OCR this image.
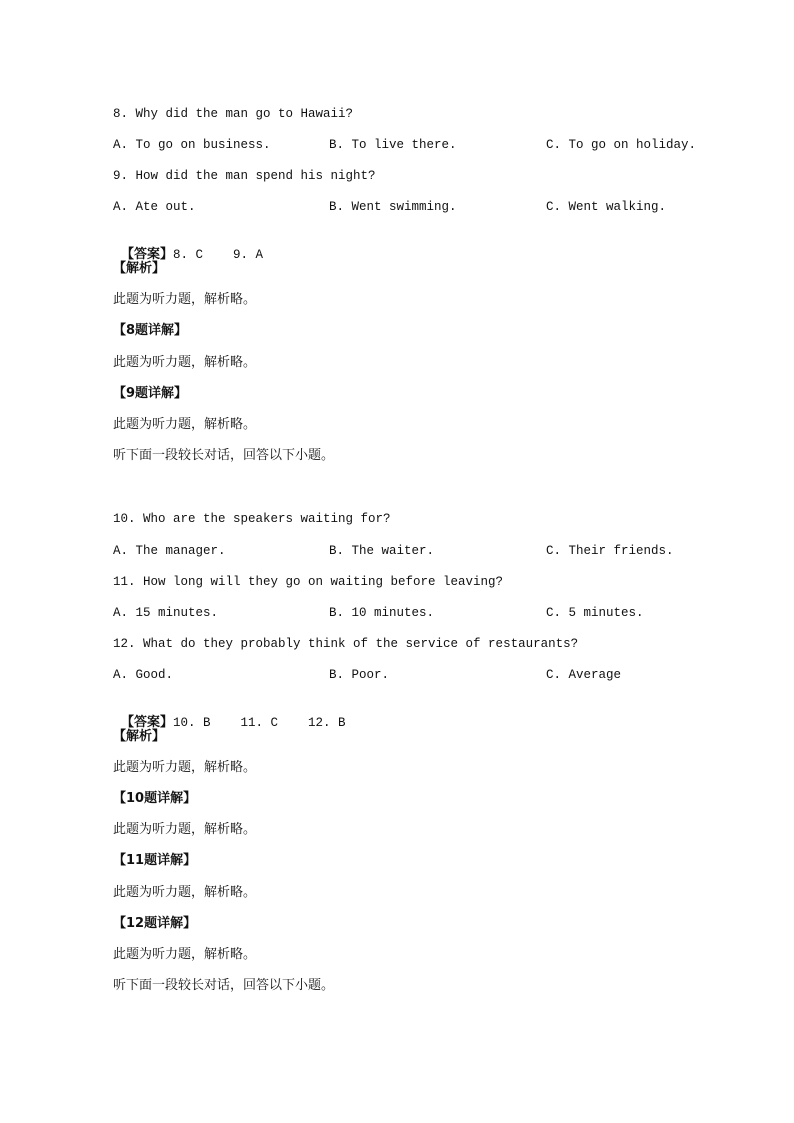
8. Why did the man go to Hawaii?

A. To go on business.

	B. To live there.

	C. To go on holiday.

9. How did the man spend his night?

A. Ate out.

	B. Went swimming.

	C. Went walking.

【答案】8. C    9. A

【解析】
此题为听力题，解析略。
【8题详解】
此题为听力题，解析略。
【9题详解】
此题为听力题，解析略。
听下面一段较长对话，回答以下小题。
10. Who are the speakers waiting for?

A. The manager.

	B. The waiter.

	C. Their friends.

11. How long will they go on waiting before leaving?

A. 15 minutes.

	B. 10 minutes.

	C. 5 minutes.

12. What do they probably think of the service of restaurants?

A. Good.

	B. Poor.

	C. Average

【答案】10. B    11. C    12. B

【解析】
此题为听力题，解析略。
【10题详解】
此题为听力题，解析略。
【11题详解】
此题为听力题，解析略。
【12题详解】
此题为听力题，解析略。
听下面一段较长对话，回答以下小题。
